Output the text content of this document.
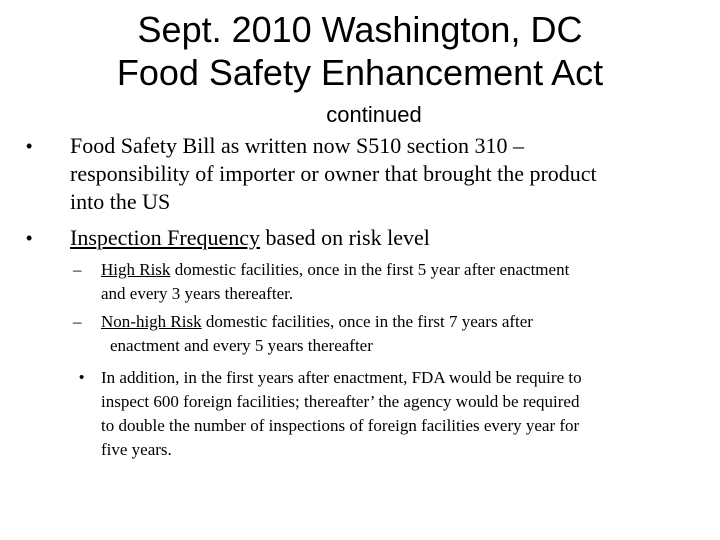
Sept. 2010 Washington, DC
Food Safety Enhancement Act
continued
• Food Safety Bill as written now S510 section 310 –
responsibility of importer or owner that brought the product
into the US
• Inspection Frequency based on risk level
– High Risk domestic facilities, once in the first 5 year after enactment
and every 3 years thereafter.
– Non-high Risk domestic facilities, once in the first 7 years after
enactment and every 5 years thereafter
• In addition, in the first years after enactment, FDA would be require to
inspect 600 foreign facilities; thereafter’ the agency would be required
to double the number of inspections of foreign facilities every year for
five years.
